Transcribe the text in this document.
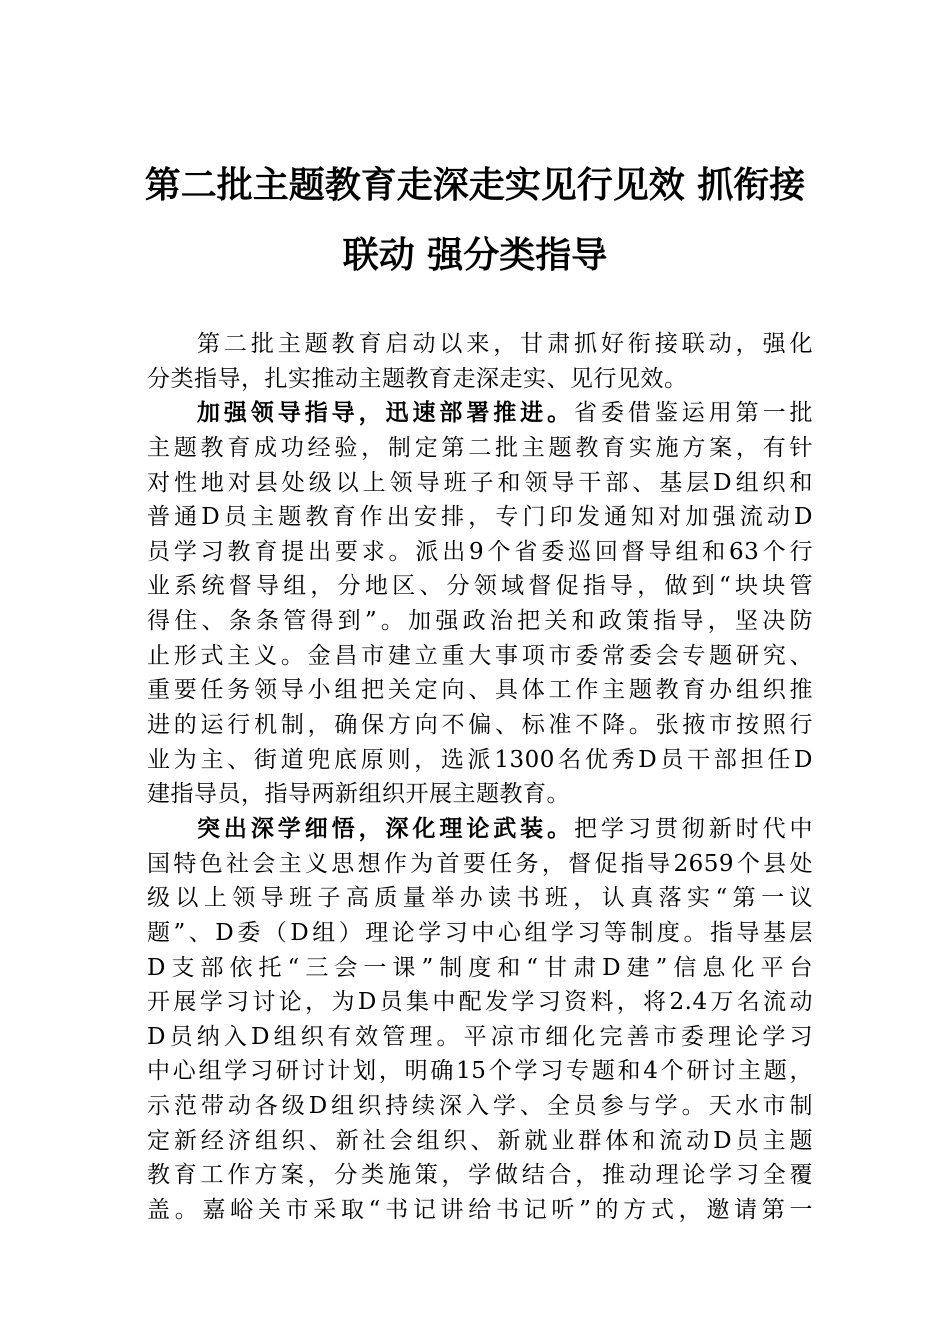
第二批主题教育走深走实见行见效 抓衔接
联动 强分类指导
第二批主题教育启动以来，甘肃抓好衔接联动，强化
分类指导，扎实推动主题教育走深走实、见行见效。
加强领导指导，迅速部署推进。省委借鉴运用第一批
主题教育成功经验，制定第二批主题教育实施方案，有针
对性地对县处级以上领导班子和领导干部、基层D组织和
普通D员主题教育作出安排，专门印发通知对加强流动D
员学习教育提出要求。派出9个省委巡回督导组和63个行
业系统督导组，分地区、分领域督促指导，做到“块块管
得住、条条管得到”。加强政治把关和政策指导，坚决防
止形式主义。金昌市建立重大事项市委常委会专题研究、
重要任务领导小组把关定向、具体工作主题教育办组织推
进的运行机制，确保方向不偏、标准不降。张掖市按照行
业为主、街道兜底原则，选派1300名优秀D员干部担任D
建指导员，指导两新组织开展主题教育。
突出深学细悟，深化理论武装。把学习贯彻新时代中
国特色社会主义思想作为首要任务，督促指导2659个县处
级以上领导班子高质量举办读书班，认真落实“第一议
题”、D委（D组）理论学习中心组学习等制度。指导基层
D支部依托“三会一课”制度和“甘肃D建”信息化平台
开展学习讨论，为D员集中配发学习资料，将2.4万名流动
D员纳入D组织有效管理。平凉市细化完善市委理论学习
中心组学习研讨计划，明确15个学习专题和4个研讨主题，
示范带动各级D组织持续深入学、全员参与学。天水市制
定新经济组织、新社会组织、新就业群体和流动D员主题
教育工作方案，分类施策，学做结合，推动理论学习全覆
盖。嘉峪关市采取“书记讲给书记听”的方式，邀请第一
